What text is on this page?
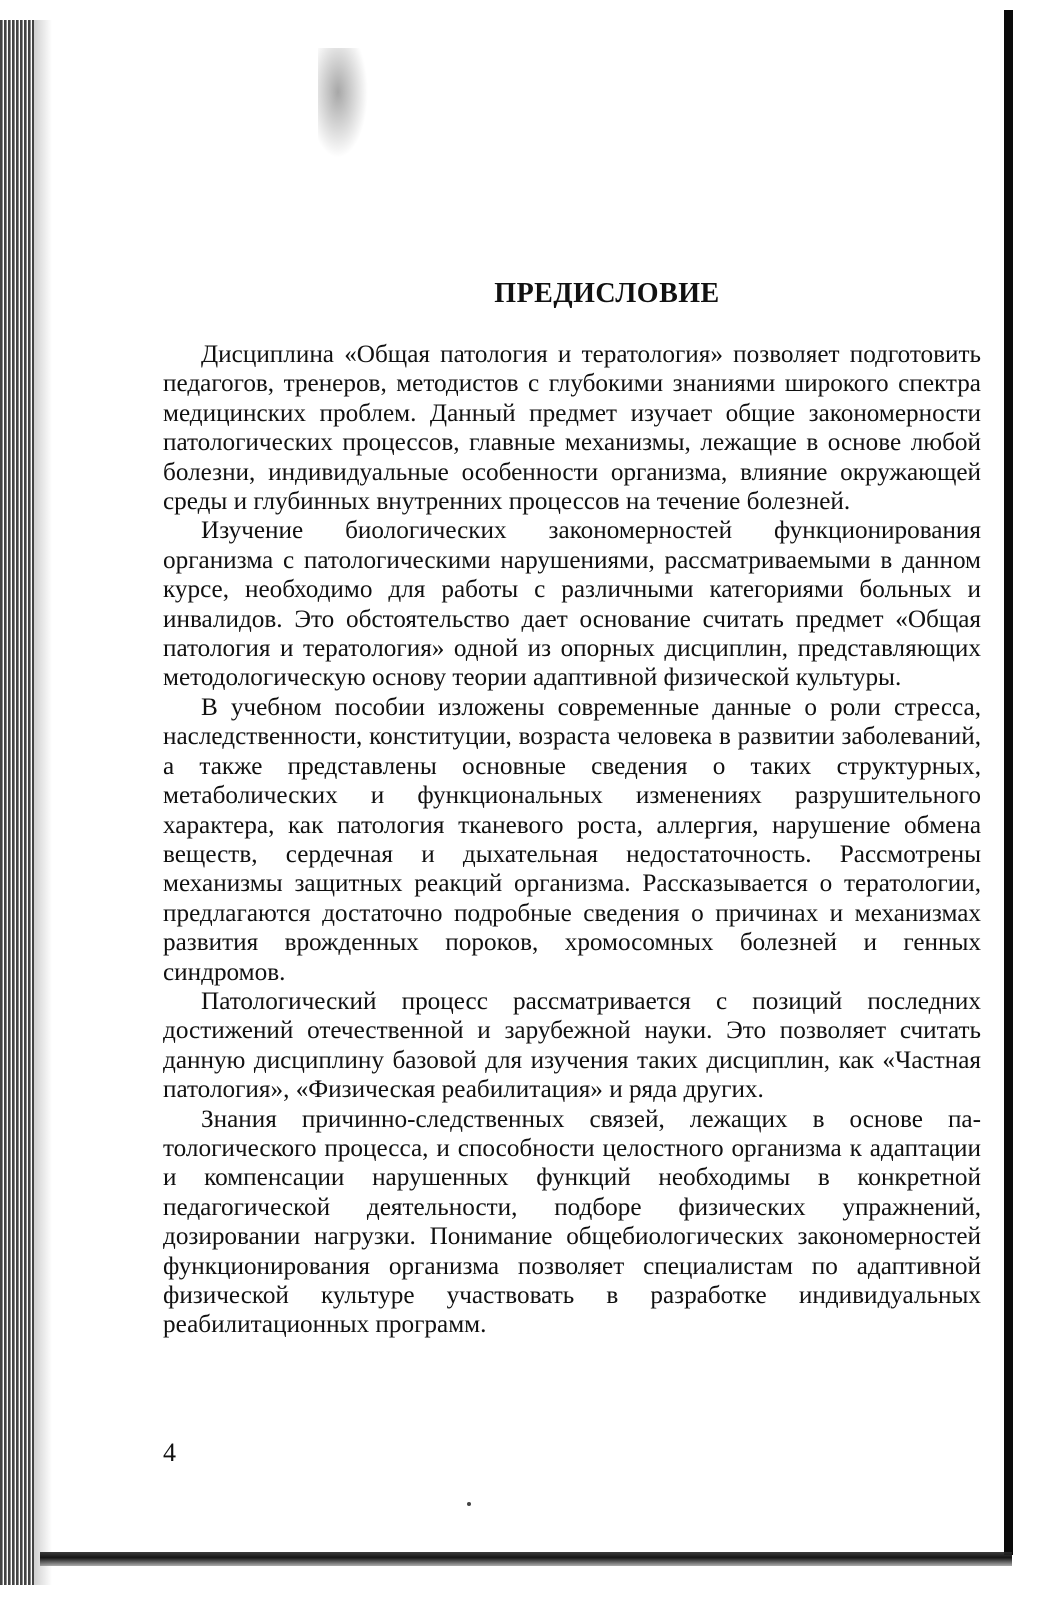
ПРЕДИСЛОВИЕ

Дисциплина «Общая патология и тератология» позволяет подготовить педагогов, тренеров, методистов с глубокими знаниями широкого спектра медицинских проблем. Данный предмет изучает общие закономерности патологических процессов, главные механизмы, лежащие в основе любой болезни, индивидуальные особенности организма, влияние окружающей среды и глубинных внутренних процессов на течение болезней.

Изучение биологических закономерностей функционирования организма с патологическими нарушениями, рассматриваемыми в данном курсе, необходимо для работы с различными категориями больных и инвалидов. Это обстоятельство дает основание считать предмет «Общая патология и тератология» одной из опорных дисциплин, представляющих методологическую основу теории адаптивной физической культуры.

В учебном пособии изложены современные данные о роли стресса, наследственности, конституции, возраста человека в развитии заболеваний, а также представлены основные сведения о таких структурных, метаболических и функциональных изменениях разрушительного характера, как патология тканевого роста, аллергия, нарушение обмена веществ, сердечная и дыхательная недостаточность. Рассмотрены механизмы защитных реакций организма. Рассказывается о тератологии, предлагаются достаточно подробные сведения о причинах и механизмах развития врожденных пороков, хромосомных болезней и генных синдромов.

Патологический процесс рассматривается с позиций последних достижений отечественной и зарубежной науки. Это позволяет считать данную дисциплину базовой для изучения таких дисциплин, как «Частная патология», «Физическая реабилитация» и ряда других.

Знания причинно-следственных связей, лежащих в основе патологического процесса, и способности целостного организма к адаптации и компенсации нарушенных функций необходимы в конкретной педагогической деятельности, подборе физических упражнений, дозировании нагрузки. Понимание общебиологических закономерностей функционирования организма позволяет специалистам по адаптивной физической культуре участвовать в разработке индивидуальных реабилитационных программ.

4
